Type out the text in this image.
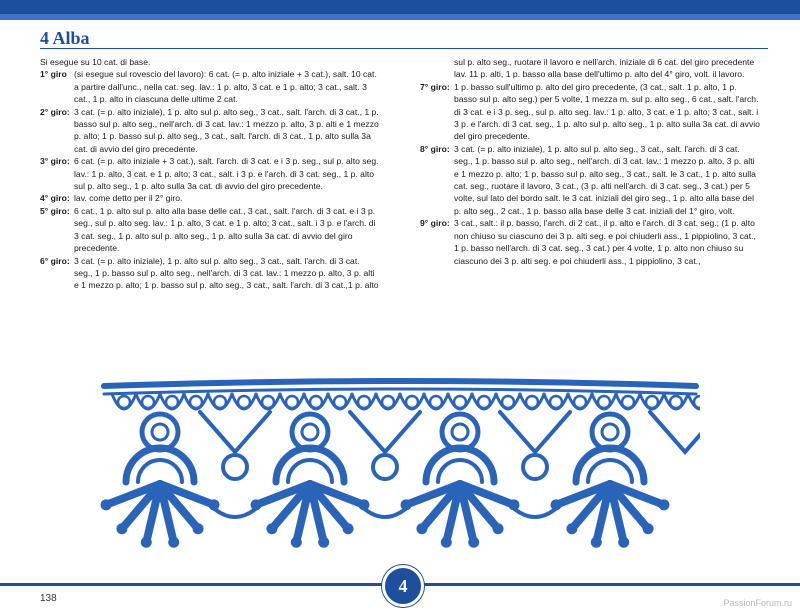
4 Alba
Si esegue su 10 cat. di base.
1° giro (si esegue sul rovescio del lavoro): 6 cat. (= p. alto iniziale + 3 cat.), salt. 10 cat. a partire dall'unc., nella cat. seg. lav.: 1 p. alto, 3 cat. e 1 p. alto; 3 cat., salt. 3 cat., 1 p. alto in ciascuna delle ultime 2 cat.
2° giro: 3 cat. (= p. alto iniziale), 1 p. alto sul p. alto seg., 3 cat., salt. l'arch. di 3 cat., 1 p. basso sul p. alto seg., nell'arch. di 3 cat. lav.: 1 mezzo p. alto, 3 p. alti e 1 mezzo p. alto; 1 p. basso sul p. alto seg., 3 cat., salt. l'arch. di 3 cat., 1 p. alto sulla 3a cat. di avvio del giro precedente.
3° giro: 6 cat. (= p. alto iniziale + 3 cat.), salt. l'arch. di 3 cat. e i 3 p. seg., sul p. alto seg. lav.: 1 p. alto, 3 cat. e 1 p. alto; 3 cat., salt. i 3 p. e l'arch. di 3 cat. seg., 1 p. alto sul p. alto seg., 1 p. alto sulla 3a cat. di avvio del giro precedente.
4° giro: lav. come detto per il 2° giro.
5° giro: 6 cat., 1 p. alto sul p. alto alla base delle cat., 3 cat., salt. l'arch. di 3 cat. e i 3 p. seg., sul p. alto seg. lav.: 1 p. alto, 3 cat. e 1 p. alto; 3 cat., salt. i 3 p. e l'arch. di 3 cat. seg., 1 p. alto sul p. alto seg., 1 p. alto sulla 3a cat. di avvio del giro precedente.
6° giro: 3 cat. (= p. alto iniziale), 1 p. alto sul p. alto seg., 3 cat., salt. l'arch. di 3 cat. seg., 1 p. basso sul p. alto seg., nell'arch. di 3 cat. lav.: 1 mezzo p. alto, 3 p. alti e 1 mezzo p. alto; 1 p. basso sul p. alto seg., 3 cat., salt. l'arch. di 3 cat.,1 p. alto
sul p. alto seg., ruotare il lavoro e nell'arch. iniziale di 6 cat. del giro precedente lav. 11 p. alti, 1 p. basso alla base dell'ultimo p. alto del 4° giro, volt. il lavoro.
7° giro: 1 p. basso sull'ultimo p. alto del giro precedente, (3 cat., salt. 1 p. alto, 1 p. basso sul p. alto seg.) per 5 volte, 1 mezza m. sul p. alto seg., 6 cat., salt. l'arch. di 3 cat. e i 3 p. seg., sul p. alto seg. lav.: 1 p. alto, 3 cat. e 1 p. alto; 3 cat., salt. i 3 p. e l'arch. di 3 cat. seg., 1 p. alto sul p. alto seg., 1 p. alto sulla 3a cat. di avvio del giro precedente.
8° giro: 3 cat. (= p. alto iniziale), 1 p. alto sul p. alto seg., 3 cat., salt. l'arch. di 3 cat. seg., 1 p. basso sul p. alto seg., nell'arch. di 3 cat. lav.: 1 mezzo p. alto, 3 p. alti e 1 mezzo p. alto; 1 p. basso sul p. alto seg., 3 cat., salt. le 3 cat., 1 p. alto sulla cat. seg., ruotare il lavoro, 3 cat., (3 p. alti nell'arch. di 3 cat. seg., 3 cat.) per 5 volte, sul lato del bordo salt. le 3 cat. iniziali del giro seg., 1 p. alto alla base del p. alto seg., 2 cat., 1 p. basso alla base delle 3 cat. iniziali del 1° giro, volt.
9° giro: 3 cat., salt.: il p. basso, l'arch. di 2 cat., il p. alto e l'arch. di 3 cat. seg.; (1 p. alto non chiuso su ciascuno dei 3 p. alti seg. e poi chiuderli ass., 1 pippiolino, 3 cat., 1 p. basso nell'arch. di 3 cat. seg., 3 cat.) per 4 volte, 1 p. alto non chiuso su ciascuno dei 3 p. alti seg. e poi chiuderli ass., 1 pippiolino, 3 cat.,
138
4
PassionForum.ru
